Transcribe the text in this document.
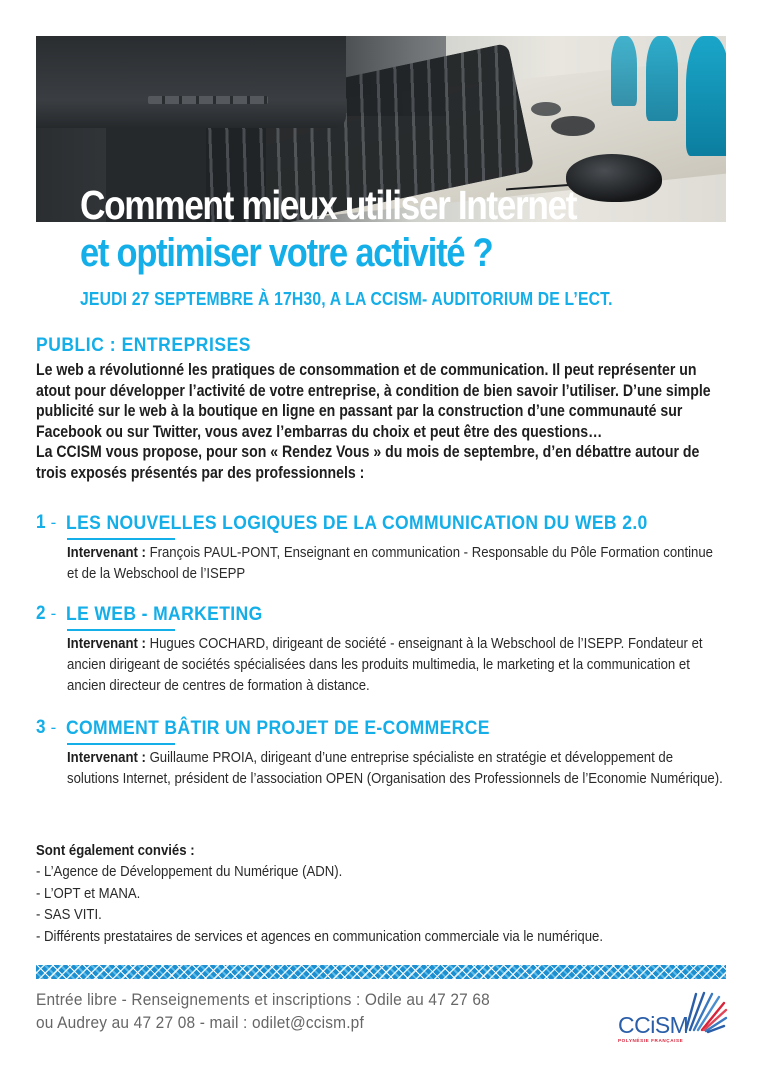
Comment mieux utiliser Internet
et optimiser votre activité ?
JEUDI 27 SEPTEMBRE À 17H30, A LA CCISM- AUDITORIUM DE L’ECT.
PUBLIC : ENTREPRISES

Le web a révolutionné les pratiques de consommation et de communication. Il peut représenter un atout pour développer l’activité de votre entreprise, à condition de bien savoir l’utiliser. D’une simple publicité sur le web à la boutique en ligne en passant par la construction d’une communauté sur Facebook ou sur Twitter, vous avez l’embarras du choix et peut être des questions…

La CCISM vous propose, pour son « Rendez Vous » du mois de septembre, d’en débattre autour de trois exposés présentés par des professionnels :

1 - LES NOUVELLES LOGIQUES DE LA COMMUNICATION DU WEB 2.0
Intervenant : François PAUL-PONT, Enseignant en communication - Responsable du Pôle Formation continue et de la Webschool de l’ISEPP
2 - LE WEB - MARKETING
Intervenant : Hugues COCHARD, dirigeant de société - enseignant à la Webschool de l’ISEPP. Fondateur et ancien dirigeant de sociétés spécialisées dans les produits multimedia, le marketing et la communication et ancien directeur de centres de formation à distance.
3 - COMMENT BÂTIR UN PROJET DE E-COMMERCE
Intervenant : Guillaume PROIA, dirigeant d’une entreprise spécialiste en stratégie et développement de solutions Internet, président de l’association OPEN (Organisation des Professionnels de l’Economie Numérique).
Sont également conviés :
- L’Agence de Développement du Numérique (ADN).
- L’OPT et MANA.
- SAS VITI.
- Différents prestataires de services et agences en communication commerciale via le numérique.
Entrée libre - Renseignements et inscriptions : Odile au 47 27 68
ou Audrey au 47 27 08 - mail : odilet@ccism.pf	CCiSM
POLYNÉSIE FRANÇAISE
